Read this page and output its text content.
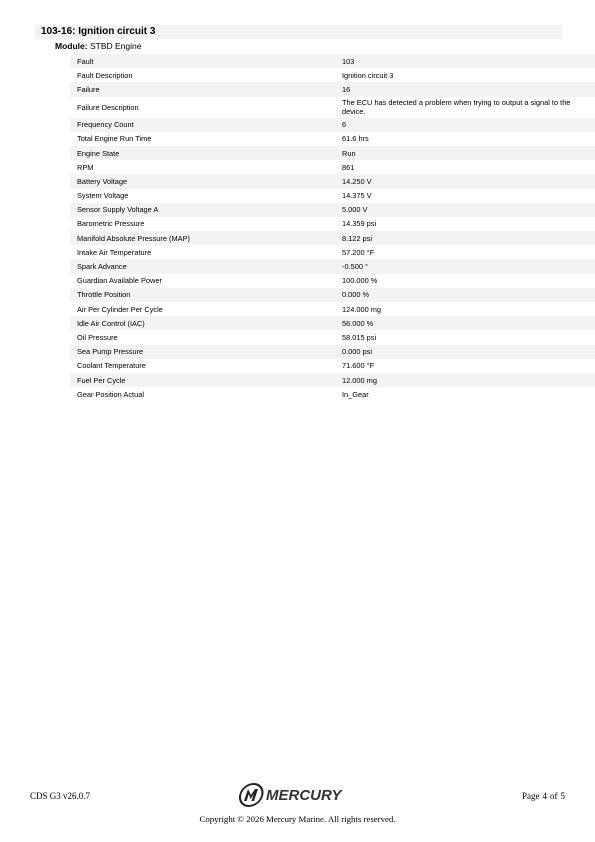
103-16: Ignition circuit 3
Module: STBD Engine
Fault	103
Fault Description	Ignition circuit 3
Failure	16
Failure Description	The ECU has detected a problem when trying to output a signal to the device.
Frequency Count	6
Total Engine Run Time	61.6 hrs
Engine State	Run
RPM	861
Battery Voltage	14.250 V
System Voltage	14.375 V
Sensor Supply Voltage A	5.000 V
Barometric Pressure	14.359 psi
Manifold Absolute Pressure (MAP)	8.122 psi
Intake Air Temperature	57.200 °F
Spark Advance	-0.500 °
Guardian Available Power	100.000 %
Throttle Position	0.000 %
Air Per Cylinder Per Cycle	124.000 mg
Idle Air Control (IAC)	56.000 %
Oil Pressure	58.015 psi
Sea Pump Pressure	0.000 psi
Coolant Temperature	71.600 °F
Fuel Per Cycle	12.000 mg
Gear Position Actual	In_Gear
CDS G3 v26.0.7	MERCURY	Page 4 of 5
Copyright © 2026 Mercury Marine. All rights reserved.
